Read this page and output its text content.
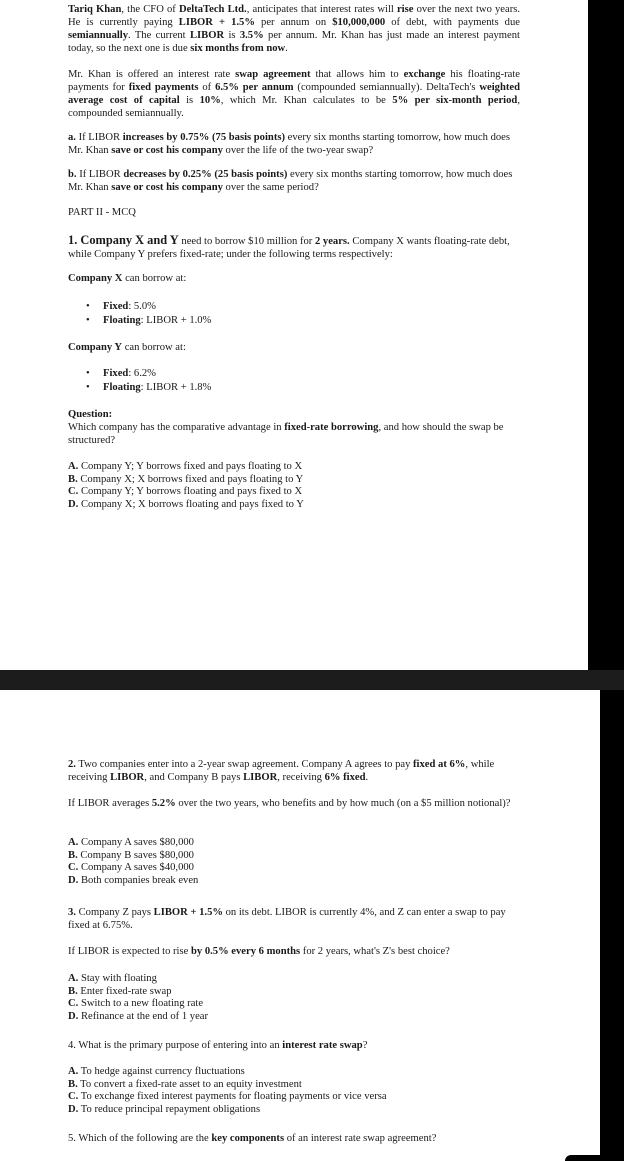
Tariq Khan, the CFO of DeltaTech Ltd., anticipates that interest rates will rise over the next two years. He is currently paying LIBOR + 1.5% per annum on $10,000,000 of debt, with payments due semiannually. The current LIBOR is 3.5% per annum. Mr. Khan has just made an interest payment today, so the next one is due six months from now.

Mr. Khan is offered an interest rate swap agreement that allows him to exchange his floating-rate payments for fixed payments of 6.5% per annum (compounded semiannually). DeltaTech's weighted average cost of capital is 10%, which Mr. Khan calculates to be 5% per six-month period, compounded semiannually.

a. If LIBOR increases by 0.75% (75 basis points) every six months starting tomorrow, how much does Mr. Khan save or cost his company over the life of the two-year swap?

b. If LIBOR decreases by 0.25% (25 basis points) every six months starting tomorrow, how much does Mr. Khan save or cost his company over the same period?

PART II - MCQ

1. Company X and Y need to borrow $10 million for 2 years. Company X wants floating-rate debt, while Company Y prefers fixed-rate; under the following terms respectively:

Company X can borrow at:

• Fixed: 5.0%
• Floating: LIBOR + 1.0%

Company Y can borrow at:

• Fixed: 6.2%
• Floating: LIBOR + 1.8%

Question:

Which company has the comparative advantage in fixed-rate borrowing, and how should the swap be structured?

A. Company Y; Y borrows fixed and pays floating to X
B. Company X; X borrows fixed and pays floating to Y
C. Company Y; Y borrows floating and pays fixed to X
D. Company X; X borrows floating and pays fixed to Y

2. Two companies enter into a 2-year swap agreement. Company A agrees to pay fixed at 6%, while receiving LIBOR, and Company B pays LIBOR, receiving 6% fixed.

If LIBOR averages 5.2% over the two years, who benefits and by how much (on a $5 million notional)?

A. Company A saves $80,000
B. Company B saves $80,000
C. Company A saves $40,000
D. Both companies break even

3. Company Z pays LIBOR + 1.5% on its debt. LIBOR is currently 4%, and Z can enter a swap to pay fixed at 6.75%.

If LIBOR is expected to rise by 0.5% every 6 months for 2 years, what's Z's best choice?

A. Stay with floating
B. Enter fixed-rate swap
C. Switch to a new floating rate
D. Refinance at the end of 1 year

4. What is the primary purpose of entering into an interest rate swap?

A. To hedge against currency fluctuations
B. To convert a fixed-rate asset to an equity investment
C. To exchange fixed interest payments for floating payments or vice versa
D. To reduce principal repayment obligations

5. Which of the following are the key components of an interest rate swap agreement?
